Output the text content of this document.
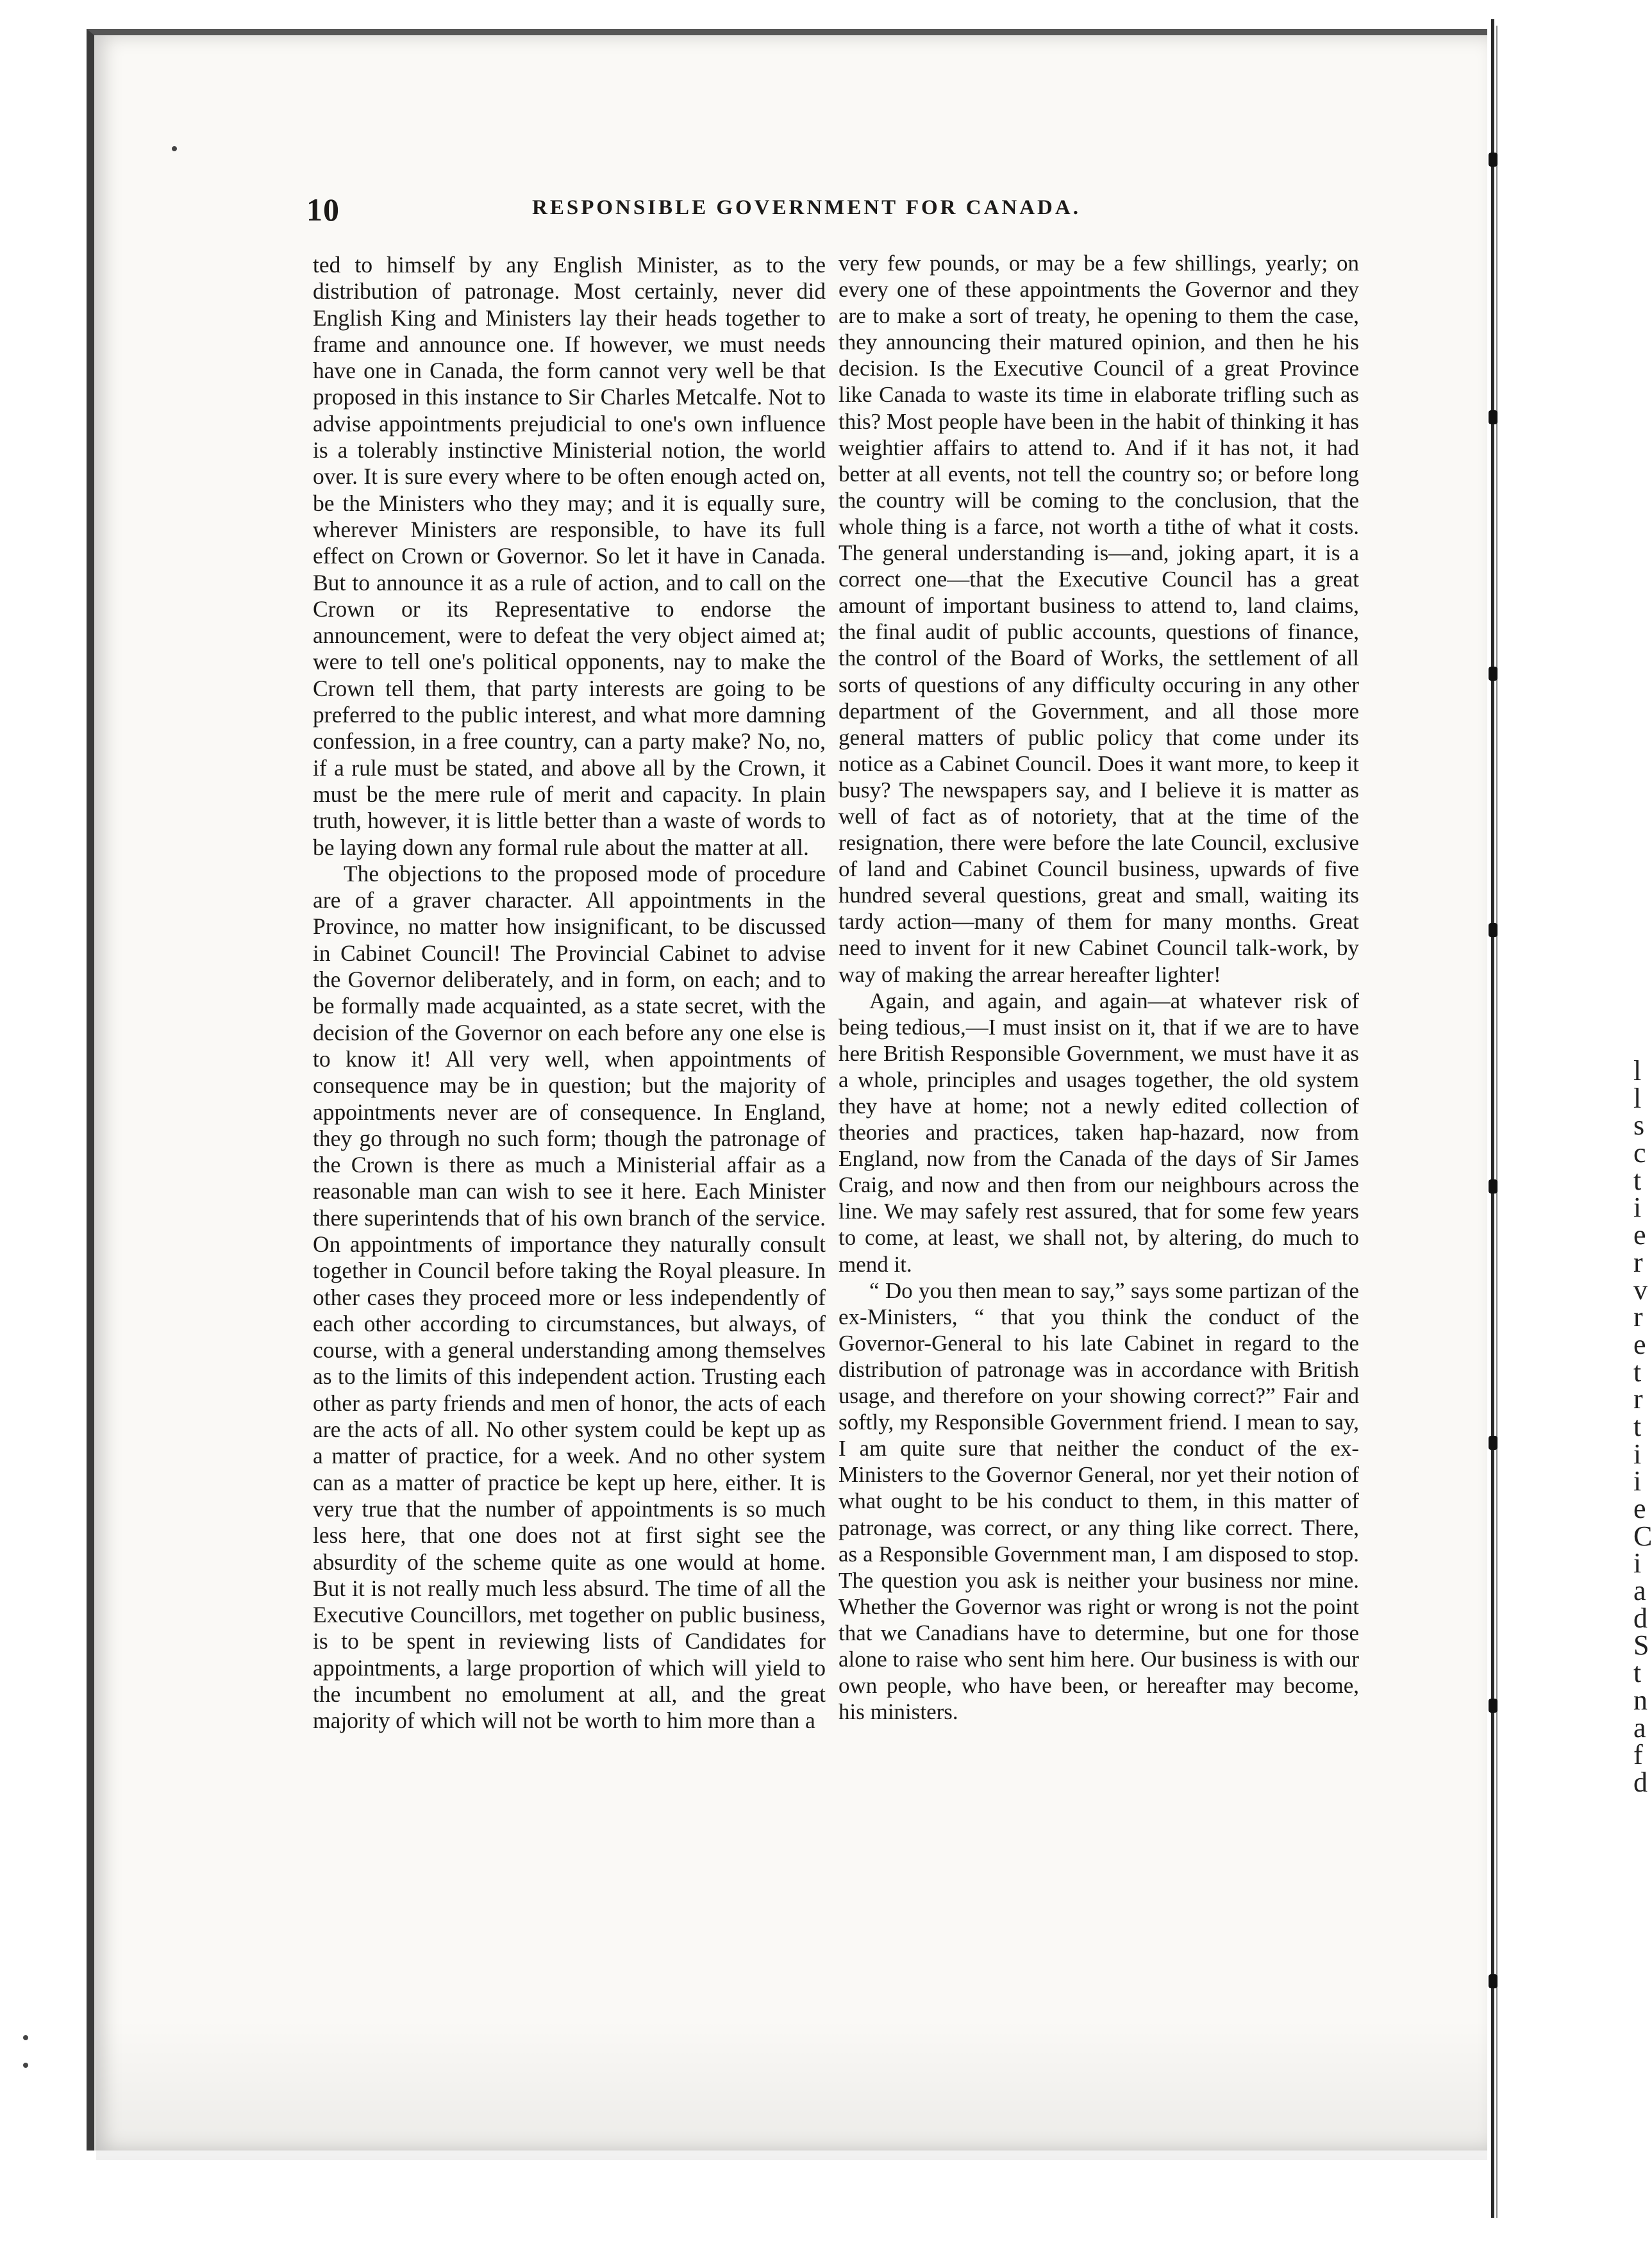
l
l
s
c
t
i
e
r
v
r
e
t
r
t
i
i
e
C
i
a
d
S
t
n
a
f
d
10	RESPONSIBLE GOVERNMENT FOR CANADA.

ted to himself by any English Minister, as to the distribution of patronage. Most certainly, never did English King and Ministers lay their heads together to frame and announce one. If however, we must needs have one in Canada, the form cannot very well be that proposed in this instance to Sir Charles Metcalfe. Not to advise appointments prejudicial to one's own influence is a tolerably instinctive Ministerial notion, the world over. It is sure every where to be often enough acted on, be the Ministers who they may; and it is equally sure, wherever Ministers are responsible, to have its full effect on Crown or Governor. So let it have in Canada. But to announce it as a rule of action, and to call on the Crown or its Representative to endorse the announcement, were to defeat the very object aimed at; were to tell one's political opponents, nay to make the Crown tell them, that party interests are going to be preferred to the public interest, and what more damning confession, in a free country, can a party make? No, no, if a rule must be stated, and above all by the Crown, it must be the mere rule of merit and capacity. In plain truth, however, it is little better than a waste of words to be laying down any formal rule about the matter at all.

The objections to the proposed mode of procedure are of a graver character. All appointments in the Province, no matter how insignificant, to be discussed in Cabinet Council! The Provincial Cabinet to advise the Governor deliberately, and in form, on each; and to be formally made acquainted, as a state secret, with the decision of the Governor on each before any one else is to know it! All very well, when appointments of consequence may be in question; but the majority of appointments never are of consequence. In England, they go through no such form; though the patronage of the Crown is there as much a Ministerial affair as a reasonable man can wish to see it here. Each Minister there superintends that of his own branch of the service. On appointments of importance they naturally consult together in Council before taking the Royal pleasure. In other cases they proceed more or less independently of each other according to circumstances, but always, of course, with a general understanding among themselves as to the limits of this independent action. Trusting each other as party friends and men of honor, the acts of each are the acts of all. No other system could be kept up as a matter of practice, for a week. And no other system can as a matter of practice be kept up here, either. It is very true that the number of appointments is so much less here, that one does not at first sight see the absurdity of the scheme quite as one would at home. But it is not really much less absurd. The time of all the Executive Councillors, met together on public business, is to be spent in reviewing lists of Candidates for appointments, a large proportion of which will yield to the incumbent no emolument at all, and the great majority of which will not be worth to him more than a

very few pounds, or may be a few shillings, yearly; on every one of these appointments the Governor and they are to make a sort of treaty, he opening to them the case, they announcing their matured opinion, and then he his decision. Is the Executive Council of a great Province like Canada to waste its time in elaborate trifling such as this? Most people have been in the habit of thinking it has weightier affairs to attend to. And if it has not, it had better at all events, not tell the country so; or before long the country will be coming to the conclusion, that the whole thing is a farce, not worth a tithe of what it costs. The general understanding is—and, joking apart, it is a correct one—that the Executive Council has a great amount of important business to attend to, land claims, the final audit of public accounts, questions of finance, the control of the Board of Works, the settlement of all sorts of questions of any difficulty occuring in any other department of the Government, and all those more general matters of public policy that come under its notice as a Cabinet Council. Does it want more, to keep it busy? The newspapers say, and I believe it is matter as well of fact as of notoriety, that at the time of the resignation, there were before the late Council, exclusive of land and Cabinet Council business, upwards of five hundred several questions, great and small, waiting its tardy action—many of them for many months. Great need to invent for it new Cabinet Council talk-work, by way of making the arrear hereafter lighter!

Again, and again, and again—at whatever risk of being tedious,—I must insist on it, that if we are to have here British Responsible Government, we must have it as a whole, principles and usages together, the old system they have at home; not a newly edited collection of theories and practices, taken hap-hazard, now from England, now from the Canada of the days of Sir James Craig, and now and then from our neighbours across the line. We may safely rest assured, that for some few years to come, at least, we shall not, by altering, do much to mend it.

“ Do you then mean to say,” says some partizan of the ex-Ministers, “ that you think the conduct of the Governor-General to his late Cabinet in regard to the distribution of patronage was in accordance with British usage, and therefore on your showing correct?” Fair and softly, my Responsible Government friend. I mean to say, I am quite sure that neither the conduct of the ex-Ministers to the Governor General, nor yet their notion of what ought to be his conduct to them, in this matter of patronage, was correct, or any thing like correct. There, as a Responsible Government man, I am disposed to stop. The question you ask is neither your business nor mine. Whether the Governor was right or wrong is not the point that we Canadians have to determine, but one for those alone to raise who sent him here. Our business is with our own people, who have been, or hereafter may become, his ministers.
